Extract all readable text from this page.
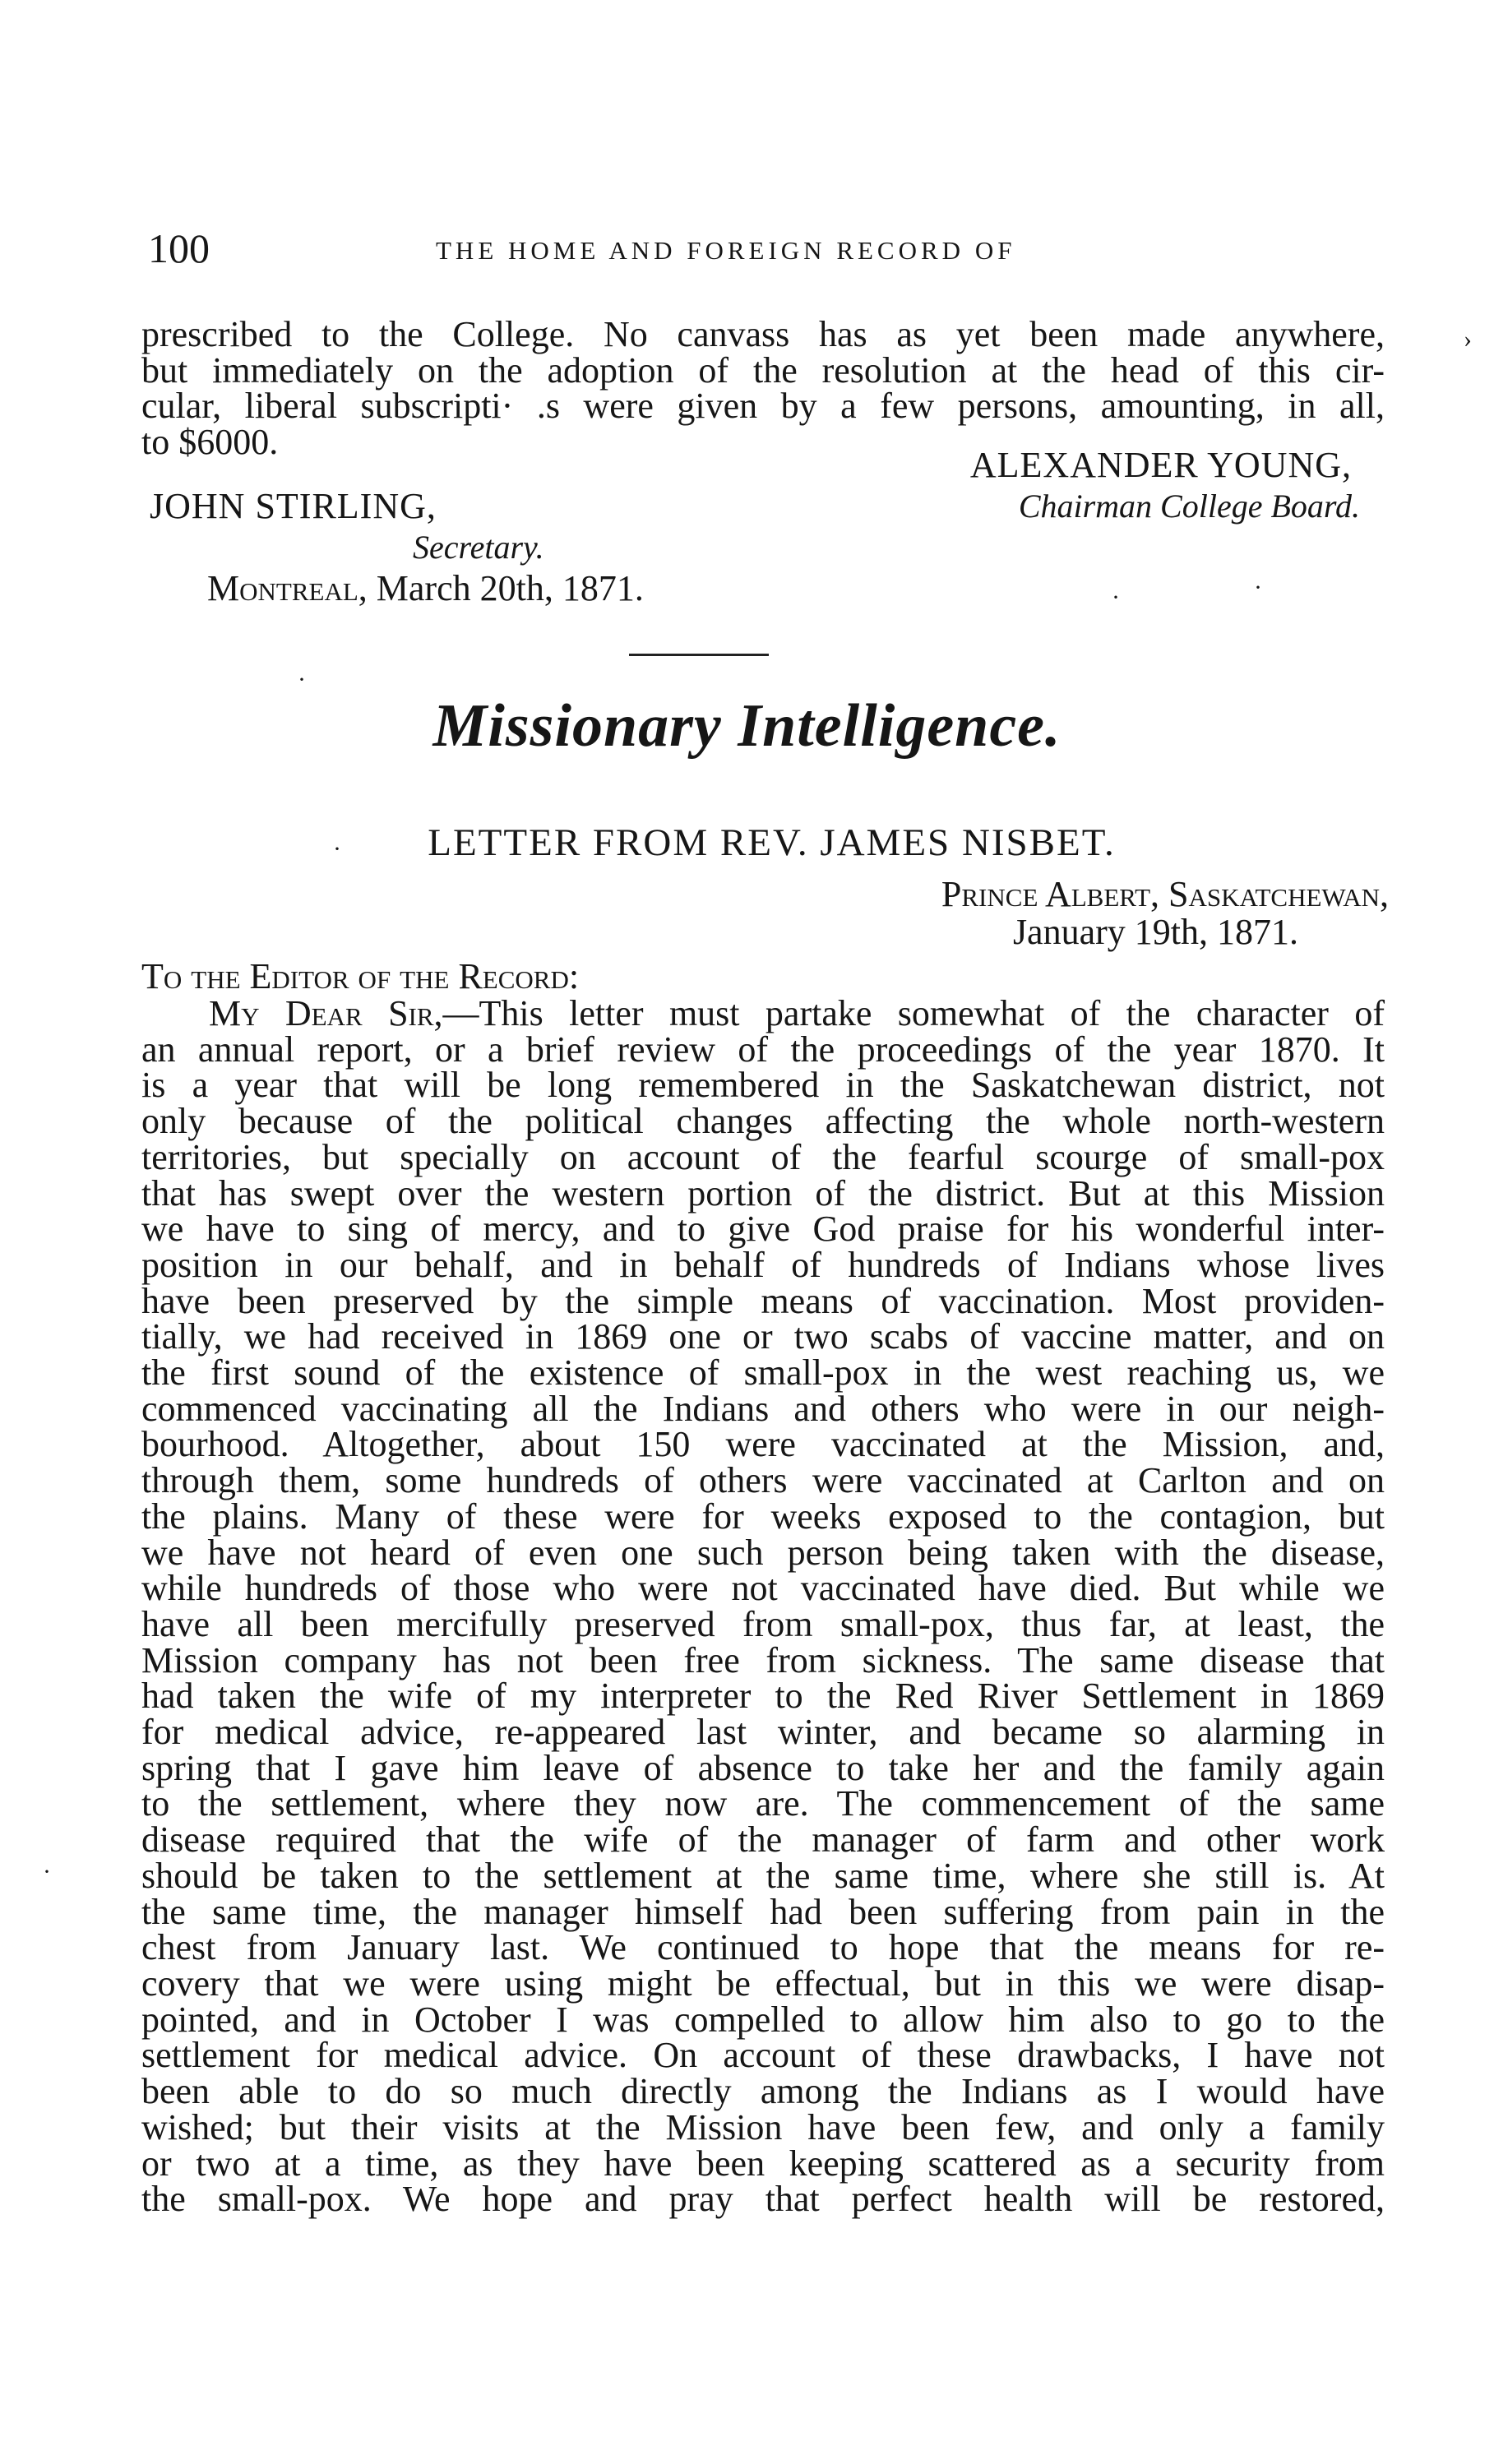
100	THE HOME AND FOREIGN RECORD OF
prescribed to the College. No canvass has as yet been made anywhere,
but immediately on the adoption of the resolution at the head of this cir-
cular, liberal subscripti· .s were given by a few persons, amounting, in all,
to $6000.
ALEXANDER YOUNG,
Chairman College Board.
JOHN STIRLING,
Secretary.
Montreal, March 20th, 1871.
›
·
·
·
·
·
Missionary Intelligence.
LETTER FROM REV. JAMES NISBET.
Prince Albert, Saskatchewan,
January 19th, 1871.
To the Editor of the Record:
My Dear Sir,—This letter must partake somewhat of the character of
an annual report, or a brief review of the proceedings of the year 1870. It
is a year that will be long remembered in the Saskatchewan district, not
only because of the political changes affecting the whole north-western
territories, but specially on account of the fearful scourge of small-pox
that has swept over the western portion of the district. But at this Mission
we have to sing of mercy, and to give God praise for his wonderful inter-
position in our behalf, and in behalf of hundreds of Indians whose lives
have been preserved by the simple means of vaccination. Most providen-
tially, we had received in 1869 one or two scabs of vaccine matter, and on
the first sound of the existence of small-pox in the west reaching us, we
commenced vaccinating all the Indians and others who were in our neigh-
bourhood. Altogether, about 150 were vaccinated at the Mission, and,
through them, some hundreds of others were vaccinated at Carlton and on
the plains. Many of these were for weeks exposed to the contagion, but
we have not heard of even one such person being taken with the disease,
while hundreds of those who were not vaccinated have died. But while we
have all been mercifully preserved from small-pox, thus far, at least, the
Mission company has not been free from sickness. The same disease that
had taken the wife of my interpreter to the Red River Settlement in 1869
for medical advice, re-appeared last winter, and became so alarming in
spring that I gave him leave of absence to take her and the family again
to the settlement, where they now are. The commencement of the same
disease required that the wife of the manager of farm and other work
should be taken to the settlement at the same time, where she still is. At
the same time, the manager himself had been suffering from pain in the
chest from January last. We continued to hope that the means for re-
covery that we were using might be effectual, but in this we were disap-
pointed, and in October I was compelled to allow him also to go to the
settlement for medical advice. On account of these drawbacks, I have not
been able to do so much directly among the Indians as I would have
wished; but their visits at the Mission have been few, and only a family
or two at a time, as they have been keeping scattered as a security from
the small-pox. We hope and pray that perfect health will be restored,
